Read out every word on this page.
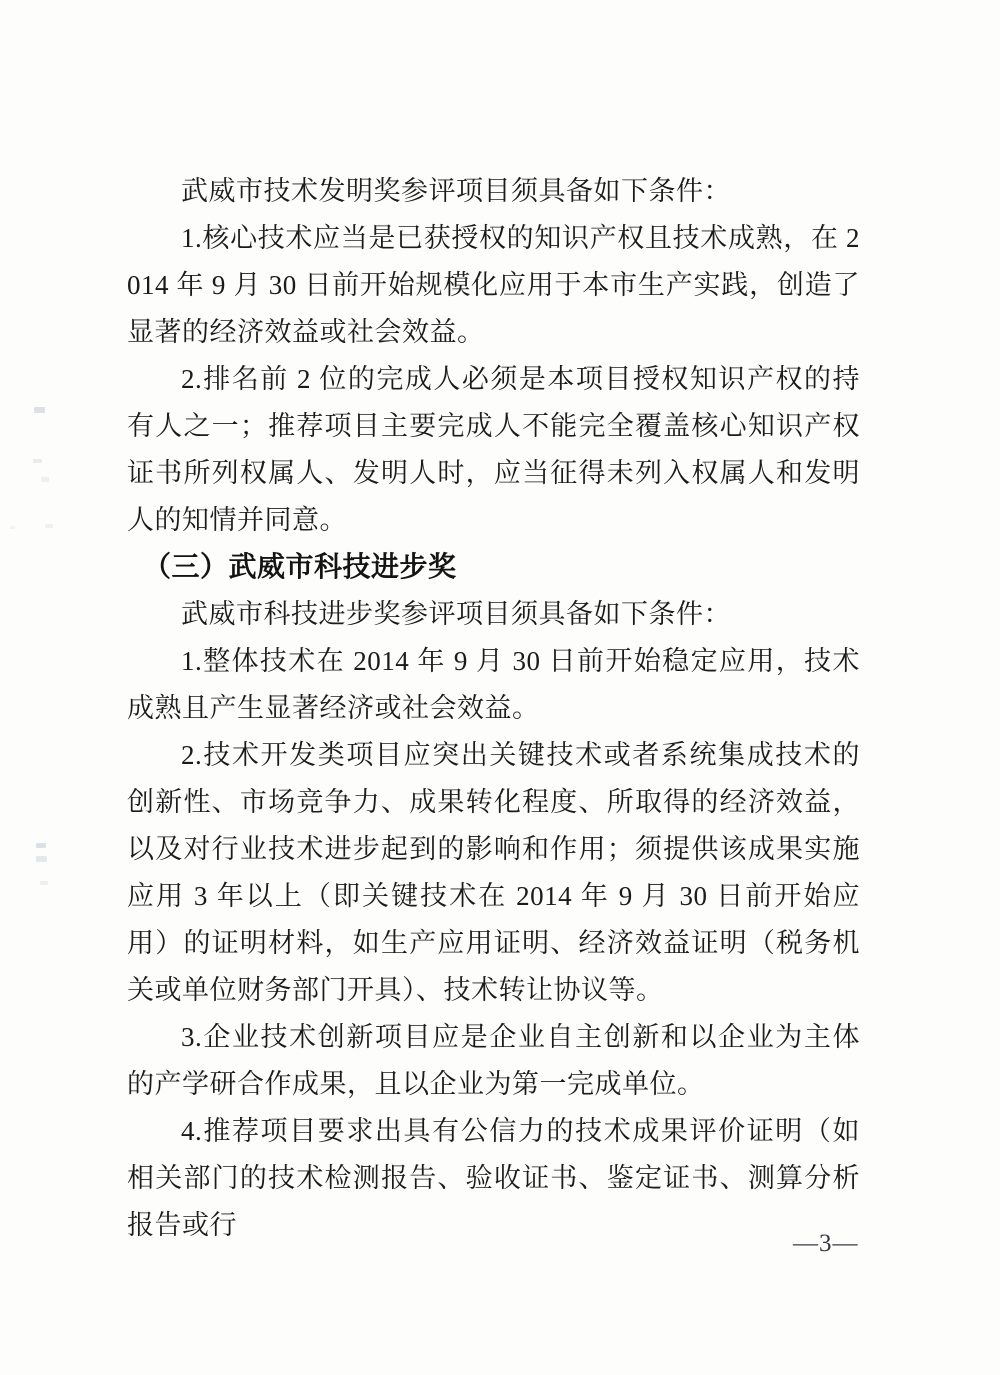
武威市技术发明奖参评项目须具备如下条件：

1.核心技术应当是已获授权的知识产权且技术成熟，在 2014 年 9 月 30 日前开始规模化应用于本市生产实践，创造了显著的经济效益或社会效益。

2.排名前 2 位的完成人必须是本项目授权知识产权的持有人之一；推荐项目主要完成人不能完全覆盖核心知识产权证书所列权属人、发明人时，应当征得未列入权属人和发明人的知情并同意。

（三）武威市科技进步奖

武威市科技进步奖参评项目须具备如下条件：

1.整体技术在 2014 年 9 月 30 日前开始稳定应用，技术成熟且产生显著经济或社会效益。

2.技术开发类项目应突出关键技术或者系统集成技术的创新性、市场竞争力、成果转化程度、所取得的经济效益，以及对行业技术进步起到的影响和作用；须提供该成果实施应用 3 年以上（即关键技术在 2014 年 9 月 30 日前开始应用）的证明材料，如生产应用证明、经济效益证明（税务机关或单位财务部门开具）、技术转让协议等。

3.企业技术创新项目应是企业自主创新和以企业为主体的产学研合作成果，且以企业为第一完成单位。

4.推荐项目要求出具有公信力的技术成果评价证明（如相关部门的技术检测报告、验收证书、鉴定证书、测算分析报告或行

—3—
